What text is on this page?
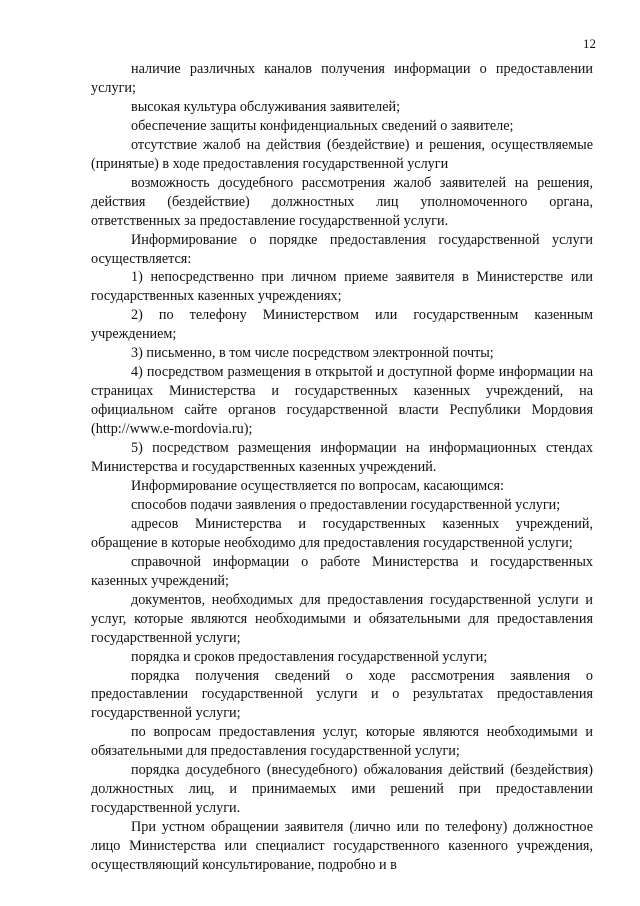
12

наличие различных каналов получения информации о предоставлении услуги;

высокая культура обслуживания заявителей;

обеспечение защиты конфиденциальных сведений о заявителе;

отсутствие жалоб на действия (бездействие) и решения, осуществляемые (принятые) в ходе предоставления государственной услуги

возможность досудебного рассмотрения жалоб заявителей на решения, действия (бездействие) должностных лиц уполномоченного органа, ответственных за предоставление государственной услуги.

Информирование о порядке предоставления государственной услуги осуществляется:

1) непосредственно при личном приеме заявителя в Министерстве или государственных казенных учреждениях;

2) по телефону Министерством или государственным казенным учреждением;

3) письменно, в том числе посредством электронной почты;

4) посредством размещения в открытой и доступной форме информации на страницах Министерства и государственных казенных учреждений, на официальном сайте органов государственной власти Республики Мордовия (http://www.e-mordovia.ru);

5) посредством размещения информации на информационных стендах Министерства и государственных казенных учреждений.

Информирование осуществляется по вопросам, касающимся:

способов подачи заявления о предоставлении государственной услуги;

адресов Министерства и государственных казенных учреждений, обращение в которые необходимо для предоставления государственной услуги;

справочной информации о работе Министерства и государственных казенных учреждений;

документов, необходимых для предоставления государственной услуги и услуг, которые являются необходимыми и обязательными для предоставления государственной услуги;

порядка и сроков предоставления государственной услуги;

порядка получения сведений о ходе рассмотрения заявления о предоставлении государственной услуги и о результатах предоставления государственной услуги;

по вопросам предоставления услуг, которые являются необходимыми и обязательными для предоставления государственной услуги;

порядка досудебного (внесудебного) обжалования действий (бездействия) должностных лиц, и принимаемых ими решений при предоставлении государственной услуги.

При устном обращении заявителя (лично или по телефону) должностное лицо Министерства или специалист государственного казенного учреждения, осуществляющий консультирование, подробно и в
